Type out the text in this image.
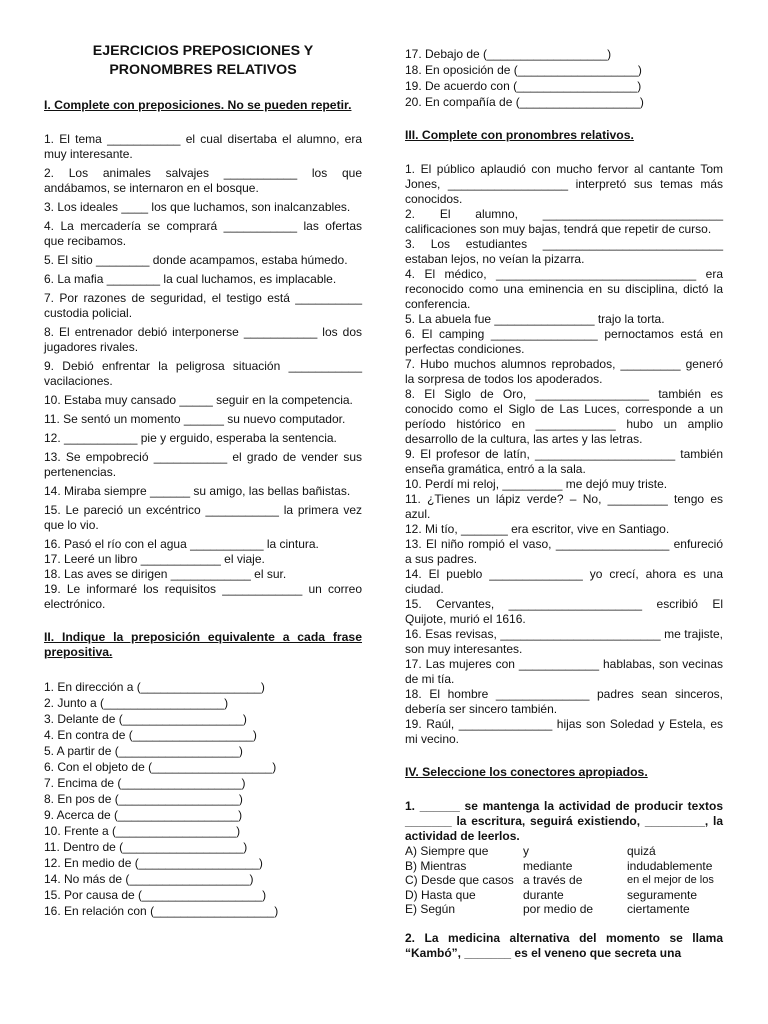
EJERCICIOS PREPOSICIONES Y PRONOMBRES RELATIVOS
I. Complete con preposiciones. No se pueden repetir.

1. El tema ___________ el cual disertaba el alumno, era muy interesante.

2. Los animales salvajes ___________ los que andábamos, se internaron en el bosque.

3. Los ideales ____ los que luchamos, son inalcanzables.

4. La mercadería se comprará ___________ las ofertas que recibamos.

5. El sitio ________ donde acampamos, estaba húmedo.

6. La mafia ________ la cual luchamos, es implacable.

7. Por razones de seguridad, el testigo está __________ custodia policial.

8. El entrenador debió interponerse ___________ los dos jugadores rivales.

9. Debió enfrentar la peligrosa situación ___________ vacilaciones.

10. Estaba muy cansado _____ seguir en la competencia.

11. Se sentó un momento ______ su nuevo computador.

12. ___________ pie y erguido, esperaba la sentencia.

13. Se empobreció ___________ el grado de vender sus pertenencias.

14. Miraba siempre ______ su amigo, las bellas bañistas.

15. Le pareció un excéntrico ___________ la primera vez que lo vio.

16. Pasó el río con el agua ___________ la cintura.

17. Leeré un libro ____________ el viaje.

18. Las aves se dirigen ____________ el sur.

19. Le informaré los requisitos ____________ un correo electrónico.

II. Indique la preposición equivalente a cada frase prepositiva.

1. En dirección a (__________________)

2. Junto a (__________________)

3. Delante de (__________________)

4. En contra de (__________________)

5. A partir de (__________________)

6. Con el objeto de (__________________)

7. Encima de (__________________)

8. En pos de (__________________)

9. Acerca de (__________________)

10. Frente a (__________________)

11. Dentro de (__________________)

12. En medio de (__________________)

14. No más de (__________________)

15. Por causa de (__________________)

16. En relación con (__________________)

17. Debajo de (__________________)

18. En oposición de (__________________)

19. De acuerdo con (__________________)

20. En compañía de (__________________)

III. Complete con pronombres relativos.

1. El público aplaudió con mucho fervor al cantante Tom Jones, __________________ interpretó sus temas más conocidos.

2. El alumno, ___________________________ calificaciones son muy bajas, tendrá que repetir de curso.

3. Los estudiantes ___________________________ estaban lejos, no veían la pizarra.

4. El médico, ______________________________ era reconocido como una eminencia en su disciplina, dictó la conferencia.

5. La abuela fue _______________ trajo la torta.

6. El camping ________________ pernoctamos está en perfectas condiciones.

7. Hubo muchos alumnos reprobados, _________ generó la sorpresa de todos los apoderados.

8. El Siglo de Oro, _________________ también es conocido como el Siglo de Las Luces, corresponde a un período histórico en ____________ hubo un amplio desarrollo de la cultura, las artes y las letras.

9. El profesor de latín, _____________________ también enseña gramática, entró a la sala.

10. Perdí mi reloj, _________ me dejó muy triste.

11. ¿Tienes un lápiz verde? – No, _________ tengo es azul.

12. Mi tío, _______ era escritor, vive en Santiago.

13. El niño rompió el vaso, _________________ enfureció a sus padres.

14. El pueblo ______________ yo crecí, ahora es una ciudad.

15. Cervantes, ____________________ escribió El Quijote, murió el 1616.

16. Esas revisas, ________________________ me trajiste, son muy interesantes.

17. Las mujeres con ____________ hablabas, son vecinas de mi tía.

18. El hombre ______________ padres sean sinceros, debería ser sincero también.

19. Raúl, ______________ hijas son Soledad y Estela, es mi vecino.

IV. Seleccione los conectores apropiados.

1. ______ se mantenga la actividad de producir textos _______ la escritura, seguirá existiendo, _________, la actividad de leerlos.

A) Siempre que	y	quizá
B) Mientras	mediante	indudablemente
C) Desde que casos	a través de	en el mejor de los
D) Hasta que	durante	seguramente
E) Según	por medio de	ciertamente

2. La medicina alternativa del momento se llama “Kambó”, _______ es el veneno que secreta una
